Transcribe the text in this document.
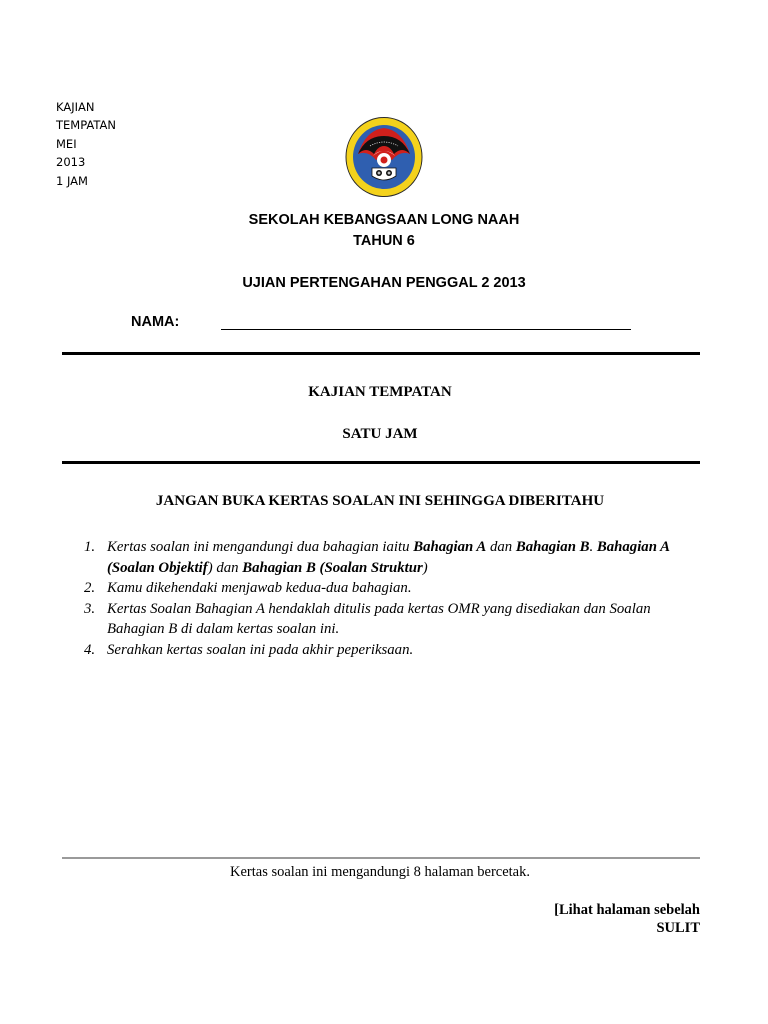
KAJIAN
TEMPATAN
MEI
2013
1 JAM
SEKOLAH KEBANGSAAN LONG NAAH
TAHUN 6
UJIAN PERTENGAHAN PENGGAL 2 2013
NAMA:
KAJIAN TEMPATAN
SATU JAM
JANGAN BUKA KERTAS SOALAN INI SEHINGGA DIBERITAHU
1. Kertas soalan ini mengandungi dua bahagian iaitu Bahagian A dan Bahagian B. Bahagian A (Soalan Objektif) dan Bahagian B (Soalan Struktur)
2. Kamu dikehendaki menjawab kedua-dua bahagian.
3. Kertas Soalan Bahagian A hendaklah ditulis pada kertas OMR yang disediakan dan Soalan Bahagian B di dalam kertas soalan ini.
4. Serahkan kertas soalan ini pada akhir peperiksaan.
Kertas soalan ini mengandungi 8 halaman bercetak.
[Lihat halaman sebelah
SULIT
